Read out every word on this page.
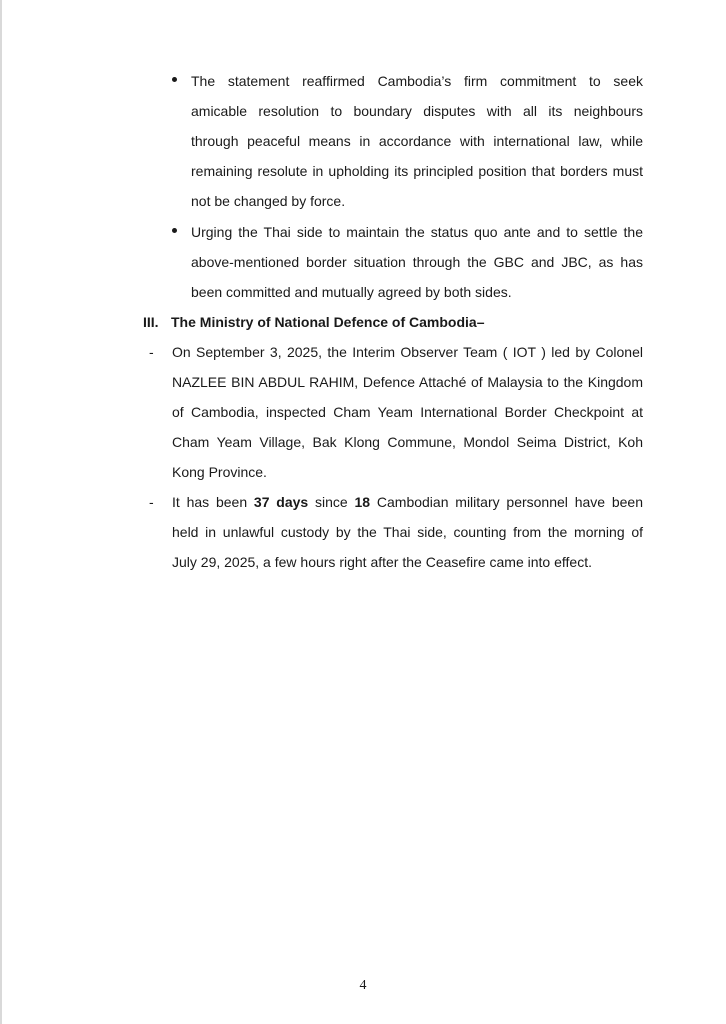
The statement reaffirmed Cambodia’s firm commitment to seek
amicable resolution to boundary disputes with all its neighbours
through peaceful means in accordance with international law, while
remaining resolute in upholding its principled position that borders must
not be changed by force.
Urging the Thai side to maintain the status quo ante and to settle the
above-mentioned border situation through the GBC and JBC, as has
been committed and mutually agreed by both sides.
III. The Ministry of National Defence of Cambodia–
- On September 3, 2025, the Interim Observer Team ( IOT ) led by Colonel
NAZLEE BIN ABDUL RAHIM, Defence Attaché of Malaysia to the Kingdom
of Cambodia, inspected Cham Yeam International Border Checkpoint at
Cham Yeam Village, Bak Klong Commune, Mondol Seima District, Koh
Kong Province.
- It has been 37 days since 18 Cambodian military personnel have been
held in unlawful custody by the Thai side, counting from the morning of
July 29, 2025, a few hours right after the Ceasefire came into effect.
4
